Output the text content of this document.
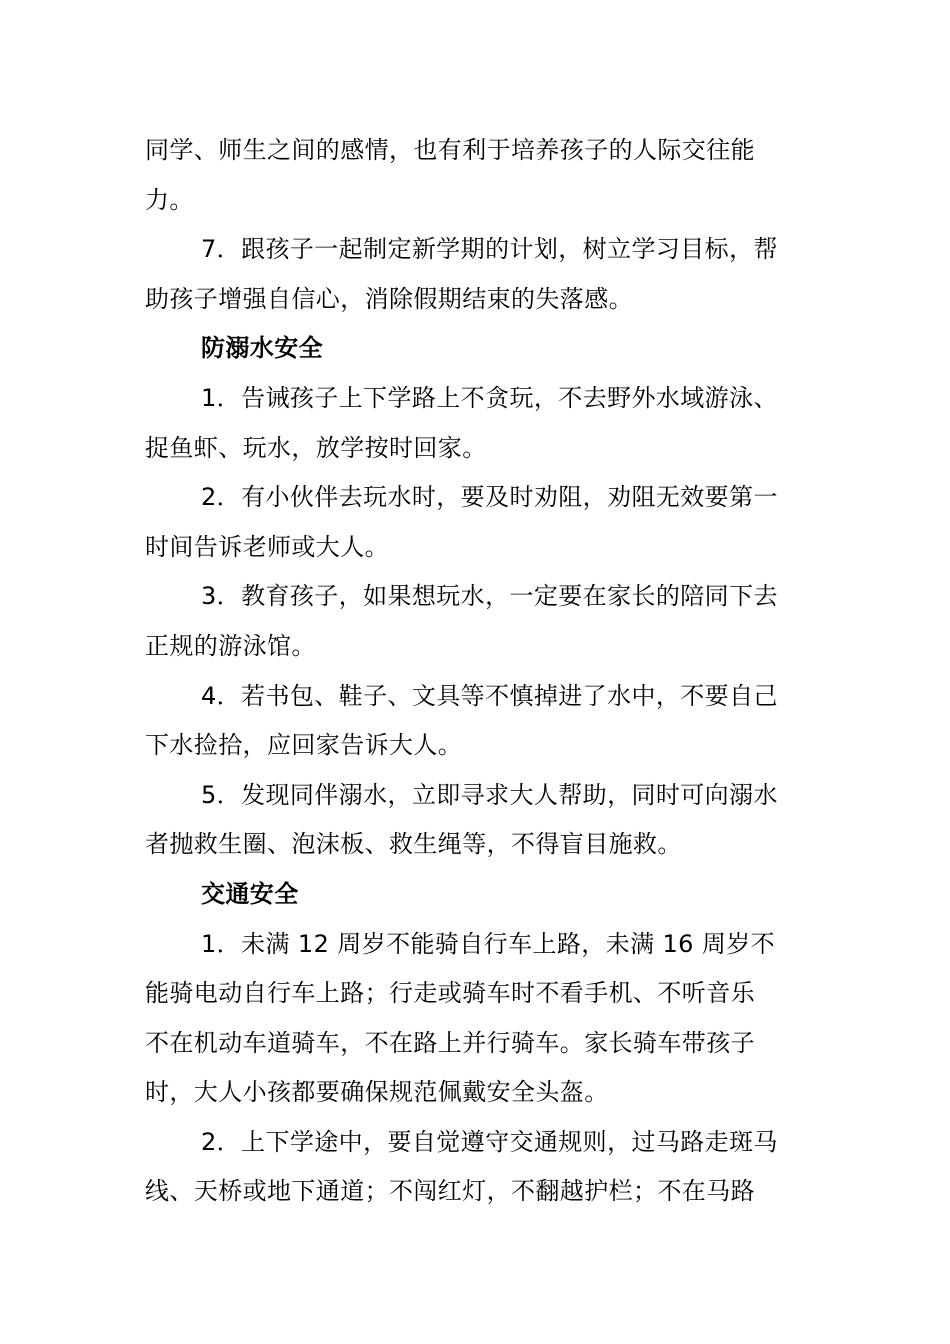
同学、师生之间的感情，也有利于培养孩子的人际交往能
力。
7．跟孩子一起制定新学期的计划，树立学习目标，帮
助孩子增强自信心，消除假期结束的失落感。
防溺水安全
1．告诫孩子上下学路上不贪玩，不去野外水域游泳、
捉鱼虾、玩水，放学按时回家。
2．有小伙伴去玩水时，要及时劝阻，劝阻无效要第一
时间告诉老师或大人。
3．教育孩子，如果想玩水，一定要在家长的陪同下去
正规的游泳馆。
4．若书包、鞋子、文具等不慎掉进了水中，不要自己
下水捡拾，应回家告诉大人。
5．发现同伴溺水，立即寻求大人帮助，同时可向溺水
者抛救生圈、泡沫板、救生绳等，不得盲目施救。
交通安全
1．未满 12 周岁不能骑自行车上路，未满 16 周岁不
能骑电动自行车上路；行走或骑车时不看手机、不听音乐
不在机动车道骑车，不在路上并行骑车。家长骑车带孩子
时，大人小孩都要确保规范佩戴安全头盔。
2．上下学途中，要自觉遵守交通规则，过马路走斑马
线、天桥或地下通道；不闯红灯，不翻越护栏；不在马路
